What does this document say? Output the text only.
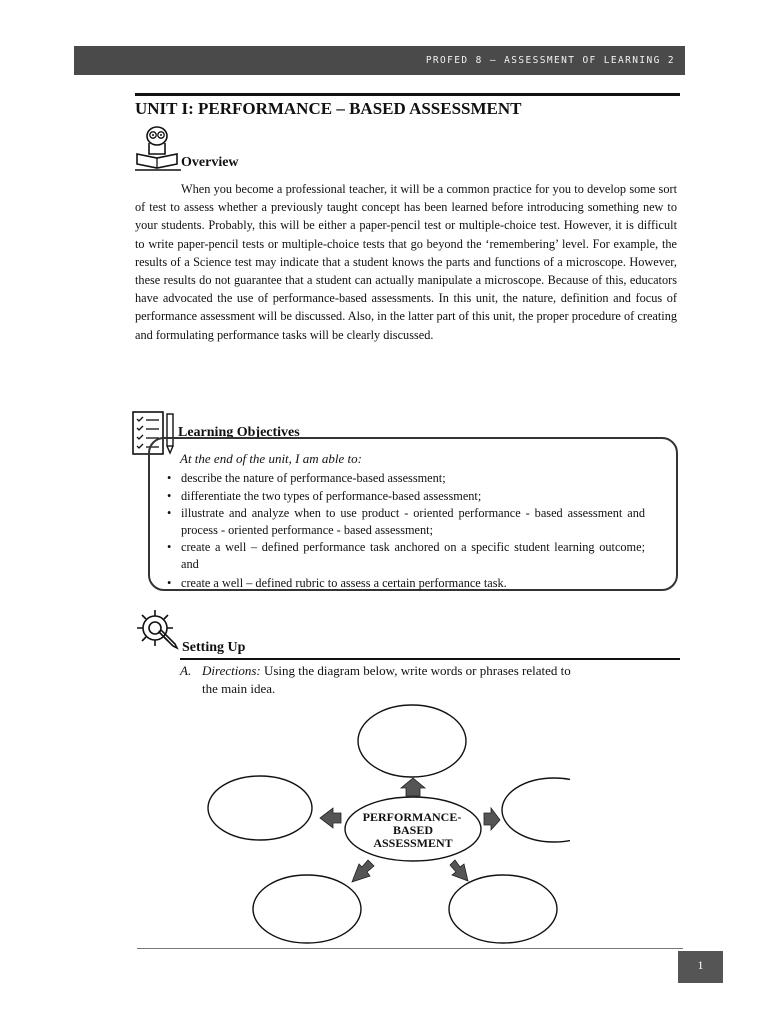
PROFED 8 – ASSESSMENT OF LEARNING 2
UNIT I: PERFORMANCE – BASED ASSESSMENT
Overview

When you become a professional teacher, it will be a common practice for you to develop some sort of test to assess whether a previously taught concept has been learned before introducing something new to your students. Probably, this will be either a paper-pencil test or multiple-choice test. However, it is difficult to write paper-pencil tests or multiple-choice tests that go beyond the ‘remembering’ level. For example, the results of a Science test may indicate that a student knows the parts and functions of a microscope. However, these results do not guarantee that a student can actually manipulate a microscope. Because of this, educators have advocated the use of performance-based assessments. In this unit, the nature, definition and focus of performance assessment will be discussed. Also, in the latter part of this unit, the proper procedure of creating and formulating performance tasks will be clearly discussed.

Learning Objectives
At the end of the unit, I am able to:
• describe the nature of performance-based assessment;
• differentiate the two types of performance-based assessment;
• illustrate and analyze when to use product - oriented performance - based assessment and process - oriented performance - based assessment;
• create a well – defined performance task anchored on a specific student learning outcome; and
• create a well – defined rubric to assess a certain performance task.
Setting Up
A. Directions: Using the diagram below, write words or phrases related to
the main idea.
PERFORMANCE-
BASED
ASSESSMENT
1
